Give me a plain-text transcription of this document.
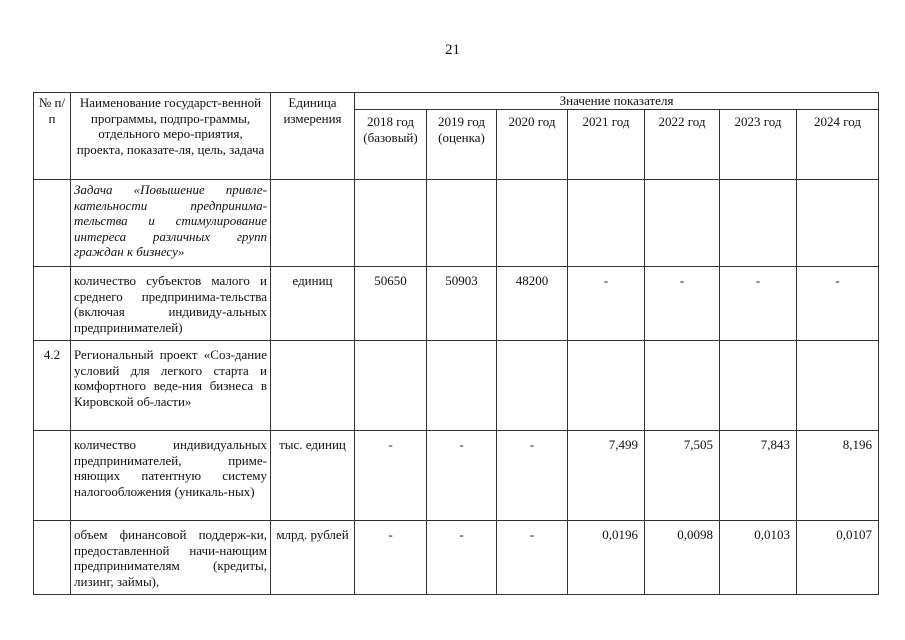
21
№ п/п	Наименование государст-венной программы, подпро-граммы, отдельного меро-приятия, проекта, показате-ля, цель, задача	Единица измерения	Значение показателя						
			2018 год (базовый)	2019 год (оценка)	2020 год	2021 год	2022 год	2023 год	2024 год
	Задача «Повышение привле-кательности предпринима-тельства и стимулирование интереса различных групп граждан к бизнесу»								
	количество субъектов малого и среднего предпринима-тельства (включая индивиду-альных предпринимателей)	единиц	50650	50903	48200	-	-	-	-
4.2	Региональный проект «Соз-дание условий для легкого старта и комфортного веде-ния бизнеса в Кировской об-ласти»								
	количество индивидуальных предпринимателей, приме-няющих патентную систему налогообложения (уникаль-ных)	тыс. единиц	-	-	-	7,499	7,505	7,843	8,196
	объем финансовой поддерж-ки, предоставленной начи-нающим предпринимателям (кредиты, лизинг, займы),	млрд. рублей	-	-	-	0,0196	0,0098	0,0103	0,0107
